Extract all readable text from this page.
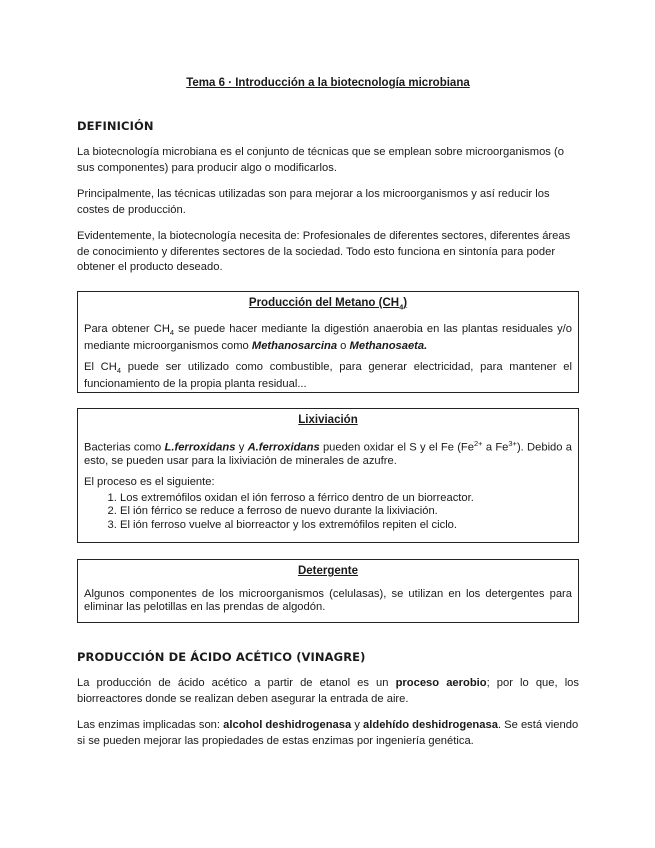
Tema 6 · Introducción a la biotecnología microbiana
DEFINICIÓN
La biotecnología microbiana es el conjunto de técnicas que se emplean sobre microorganismos (o sus componentes) para producir algo o modificarlos.
Principalmente, las técnicas utilizadas son para mejorar a los microorganismos y así reducir los costes de producción.
Evidentemente, la biotecnología necesita de: Profesionales de diferentes sectores, diferentes áreas de conocimiento y diferentes sectores de la sociedad. Todo esto funciona en sintonía para poder obtener el producto deseado.
Producción del Metano $(CH_4)$

Para obtener $CH_4$ se puede hacer mediante la digestión anaerobia en las plantas residuales y/o mediante microorganismos como Methanosarcina o Methanosaeta.

El $CH_4$ puede ser utilizado como combustible, para generar electricidad, para mantener el funcionamiento de la propia planta residual...

Lixiviación

Bacterias como L.ferroxidans y A.ferroxidans pueden oxidar el S y el Fe ($Fe^{2+}$ a $Fe^{3+}$). Debido a esto, se pueden usar para la lixiviación de minerales de azufre.

El proceso es el siguiente:

1. Los extremófilos oxidan el ión ferroso a férrico dentro de un biorreactor.
2. El ión férrico se reduce a ferroso de nuevo durante la lixiviación.
3. El ión ferroso vuelve al biorreactor y los extremófilos repiten el ciclo.
Detergente

Algunos componentes de los microorganismos (celulasas), se utilizan en los detergentes para eliminar las pelotillas en las prendas de algodón.

PRODUCCIÓN DE ÁCIDO ACÉTICO (VINAGRE)
La producción de ácido acético a partir de etanol es un proceso aerobio; por lo que, los biorreactores donde se realizan deben asegurar la entrada de aire.
Las enzimas implicadas son: alcohol deshidrogenasa y aldehído deshidrogenasa. Se está viendo si se pueden mejorar las propiedades de estas enzimas por ingeniería genética.
